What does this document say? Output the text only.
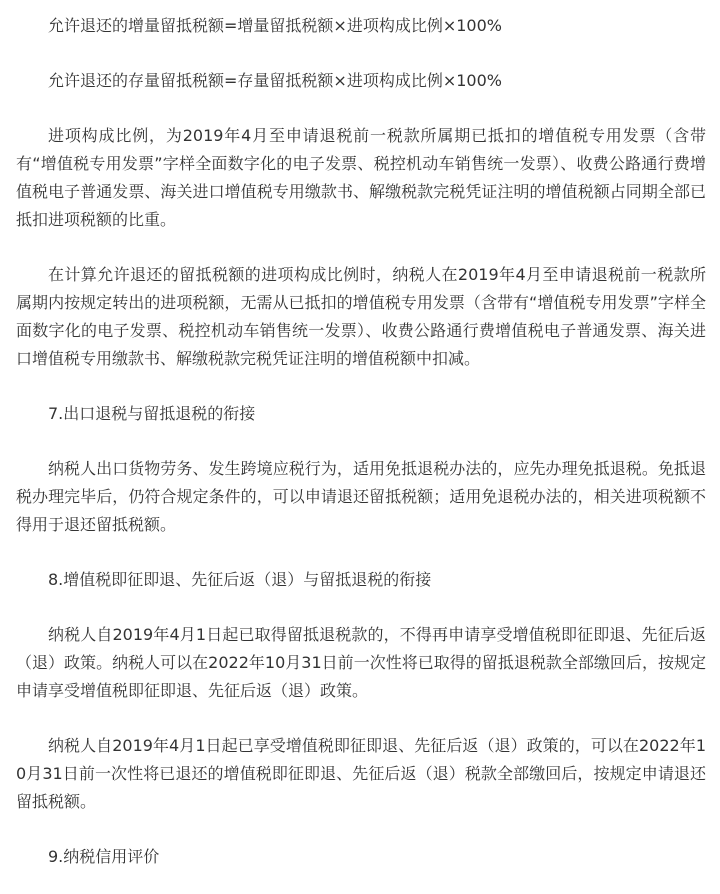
允许退还的增量留抵税额=增量留抵税额×进项构成比例×100%

允许退还的存量留抵税额=存量留抵税额×进项构成比例×100%

进项构成比例，为2019年4月至申请退税前一税款所属期已抵扣的增值税专用发票（含带有“增值税专用发票”字样全面数字化的电子发票、税控机动车销售统一发票）、收费公路通行费增值税电子普通发票、海关进口增值税专用缴款书、解缴税款完税凭证注明的增值税额占同期全部已抵扣进项税额的比重。

在计算允许退还的留抵税额的进项构成比例时，纳税人在2019年4月至申请退税前一税款所属期内按规定转出的进项税额，无需从已抵扣的增值税专用发票（含带有“增值税专用发票”字样全面数字化的电子发票、税控机动车销售统一发票）、收费公路通行费增值税电子普通发票、海关进口增值税专用缴款书、解缴税款完税凭证注明的增值税额中扣减。

7.出口退税与留抵退税的衔接

纳税人出口货物劳务、发生跨境应税行为，适用免抵退税办法的，应先办理免抵退税。免抵退税办理完毕后，仍符合规定条件的，可以申请退还留抵税额；适用免退税办法的，相关进项税额不得用于退还留抵税额。

8.增值税即征即退、先征后返（退）与留抵退税的衔接

纳税人自2019年4月1日起已取得留抵退税款的，不得再申请享受增值税即征即退、先征后返（退）政策。纳税人可以在2022年10月31日前一次性将已取得的留抵退税款全部缴回后，按规定申请享受增值税即征即退、先征后返（退）政策。

纳税人自2019年4月1日起已享受增值税即征即退、先征后返（退）政策的，可以在2022年10月31日前一次性将已退还的增值税即征即退、先征后返（退）税款全部缴回后，按规定申请退还留抵税额。

9.纳税信用评价
